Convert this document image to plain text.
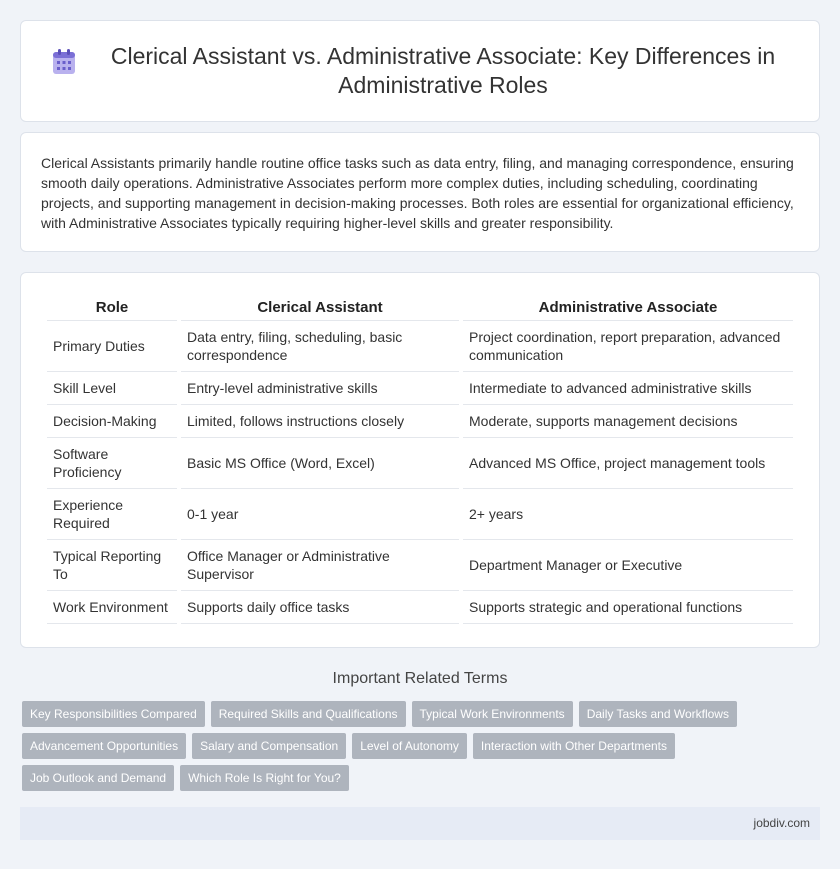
Clerical Assistant vs. Administrative Associate: Key Differences in Administrative Roles

Clerical Assistants primarily handle routine office tasks such as data entry, filing, and managing correspondence, ensuring smooth daily operations. Administrative Associates perform more complex duties, including scheduling, coordinating projects, and supporting management in decision-making processes. Both roles are essential for organizational efficiency, with Administrative Associates typically requiring higher-level skills and greater responsibility.

Role	Clerical Assistant	Administrative Associate
Primary Duties	Data entry, filing, scheduling, basic correspondence	Project coordination, report preparation, advanced communication
Skill Level	Entry-level administrative skills	Intermediate to advanced administrative skills
Decision-Making	Limited, follows instructions closely	Moderate, supports management decisions
Software Proficiency	Basic MS Office (Word, Excel)	Advanced MS Office, project management tools
Experience Required	0-1 year	2+ years
Typical Reporting To	Office Manager or Administrative Supervisor	Department Manager or Executive
Work Environment	Supports daily office tasks	Supports strategic and operational functions
Important Related Terms
Key Responsibilities Compared	Required Skills and Qualifications	Typical Work Environments	Daily Tasks and Workflows
Advancement Opportunities	Salary and Compensation	Level of Autonomy	Interaction with Other Departments
Job Outlook and Demand	Which Role Is Right for You?
jobdiv.com
